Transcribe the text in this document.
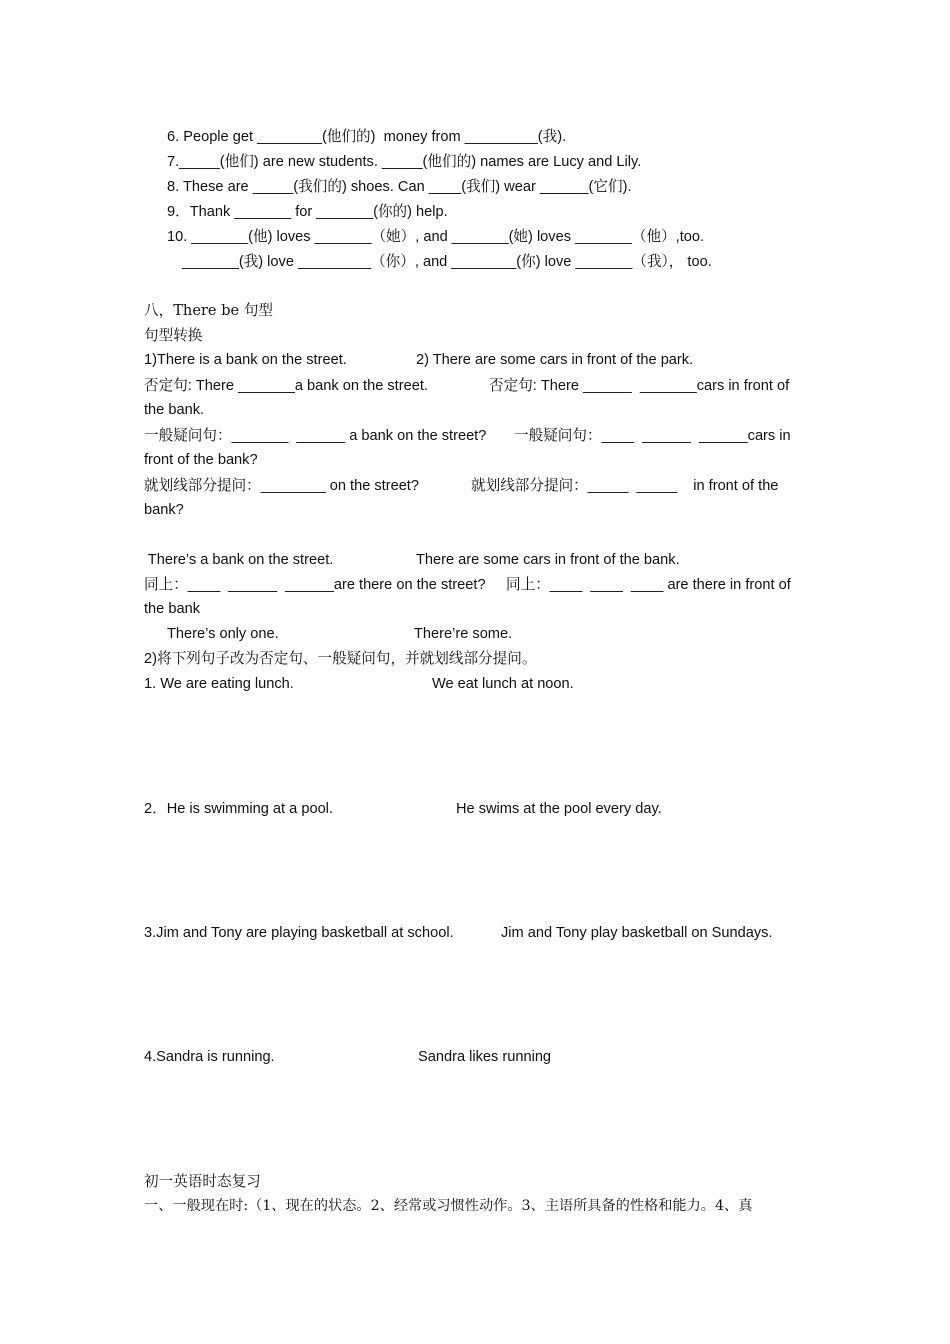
6. People get ________(他们的)  money from _________(我).
7._____(他们) are new students. _____(他们的) names are Lucy and Lily.
8. These are _____(我们的) shoes. Can ____(我们) wear ______(它们).
9．Thank _______ for _______(你的) help.
10. _______(他) loves _______（她）, and _______(她) loves _______（他）,too.
_______(我) love _________（你）, and ________(你) love _______（我）， too.
八，There be 句型
句型转换
1)There is a bank on the street.	2) There are some cars in front of the park.
否定句: There _______a bank on the street.	否定句: There ______  _______cars in front of
the bank.
一般疑问句：_______  ______ a bank on the street? 一般疑问句：____  ______  ______cars in
front of the bank?
就划线部分提问：________ on the street?	就划线部分提问：_____  _____    in front of the
bank?
There’s a bank on the street.	There are some cars in front of the bank.
同上：____  ______  ______are there on the street? 同上：____  ____  ____ are there in front of
the bank
There’s only one.	There’re some.
2)将下列句子改为否定句、一般疑问句，并就划线部分提问。
1. We are eating lunch.	We eat lunch at noon.
2．He is swimming at a pool.	He swims at the pool every day.
3.Jim and Tony are playing basketball at school.	Jim and Tony play basketball on Sundays.
4.Sandra is running.	Sandra likes running
初一英语时态复习
一、一般现在时:（1、现在的状态。2、经常或习惯性动作。3、主语所具备的性格和能力。4、真
